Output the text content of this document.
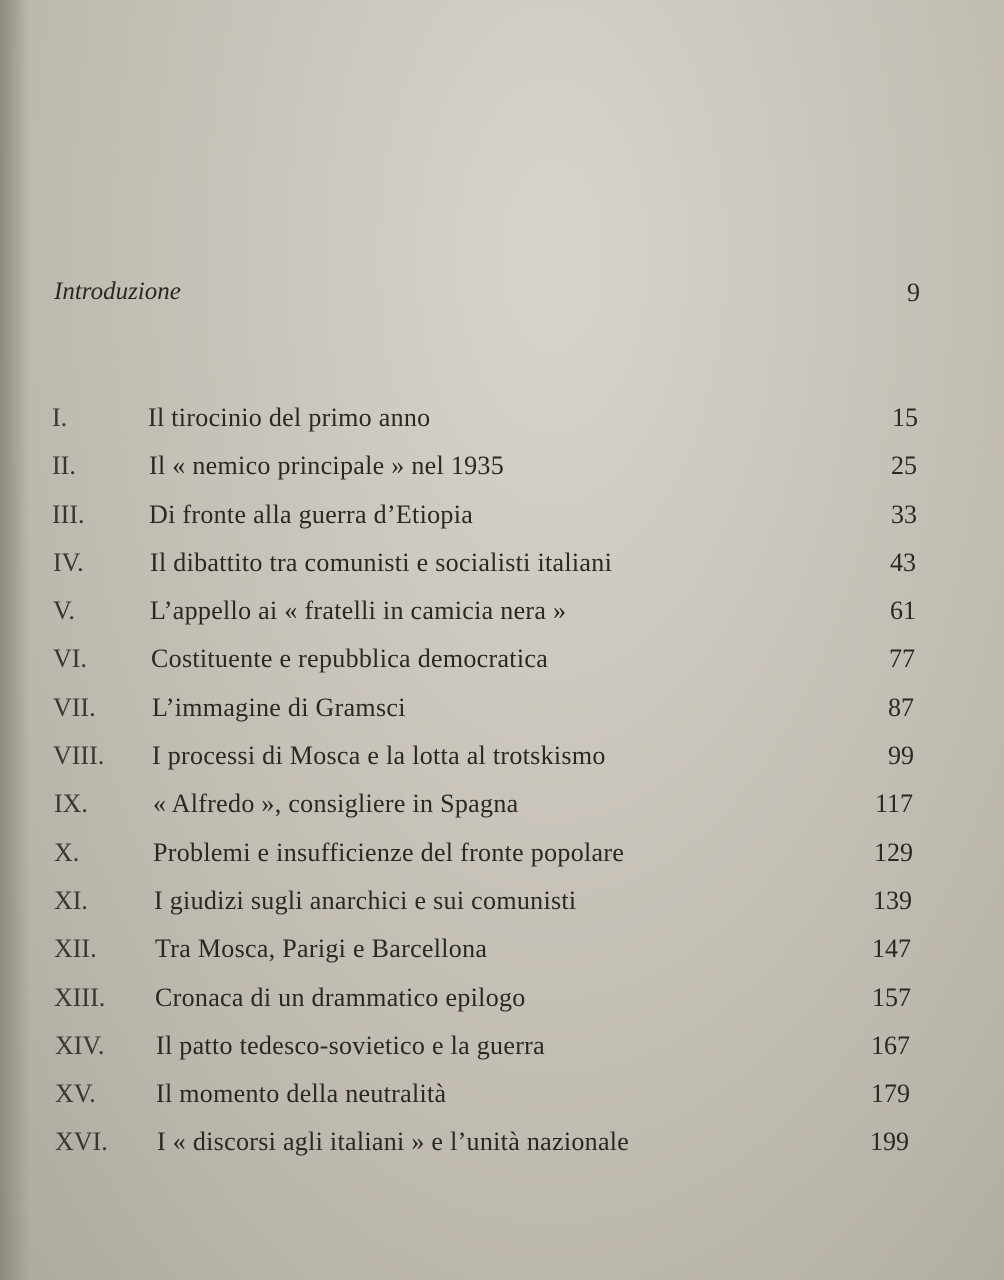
Introduzione	9
I.	Il tirocinio del primo anno	15
II.	Il « nemico principale » nel 1935	25
III. Di fronte alla guerra d’Etiopia	33
IV.	Il dibattito tra comunisti e socialisti italiani	43
V.	L’appello ai « fratelli in camicia nera »	61
VI. Costituente e repubblica democratica	77
VII. L’immagine di Gramsci	87
VIII. I processi di Mosca e la lotta al trotskismo	99
IX.	« Alfredo », consigliere in Spagna	117
X.	Problemi e insufficienze del fronte popolare	129
XI.	I giudizi sugli anarchici e sui comunisti	139
XII. Tra Mosca, Parigi e Barcellona	147
XIII. Cronaca di un drammatico epilogo	157
XIV. Il patto tedesco-sovietico e la guerra	167
XV. Il momento della neutralità	179
XVI. I « discorsi agli italiani » e l’unità nazionale	199
